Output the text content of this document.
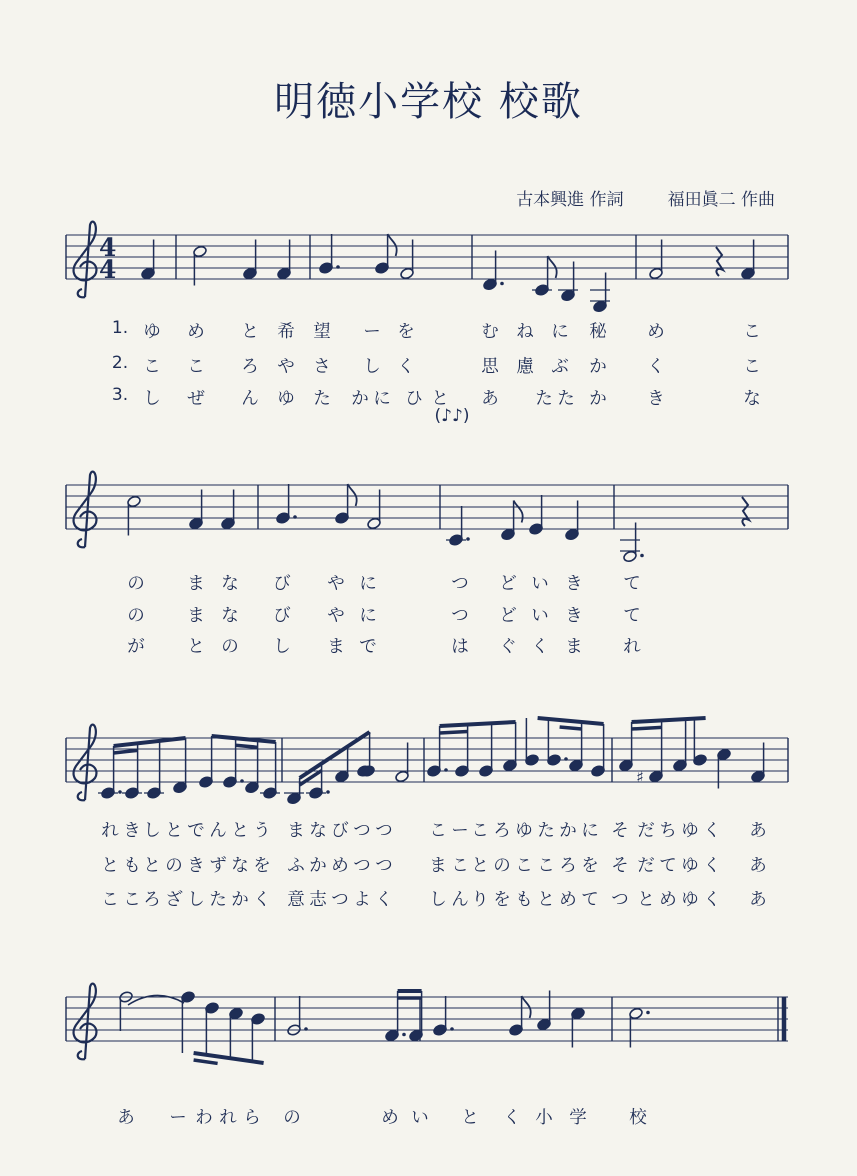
明徳小学校 校歌
古本興進 作詞	福田眞二 作曲
4
4
♯
(♪♪)
1. ゆ め と 希 望 ー を	む ね に 秘 め	こ
2. こ こ ろ や さ し く	思 慮 ぶ か く	こ
3. し ぜ ん ゆ た か に ひ と あ た た か き	な
の ま な び や に	つ ど い き て
の ま な び や に	つ ど い き て
が と の し ま で	は ぐ く ま れ
れ き し と で ん と う ま な び つ つ こ ー こ ろ ゆ た か に そ だ ち ゆ く あ
と も と の き ず な を ふ か め つ つ ま こ と の こ こ ろ を そ だ て ゆ く あ
こ こ ろ ざ し た か く 意 志 つ よ く し ん り を も と め て つ と め ゆ く あ
あ ー わ れ ら の	め い と く 小 学 校
